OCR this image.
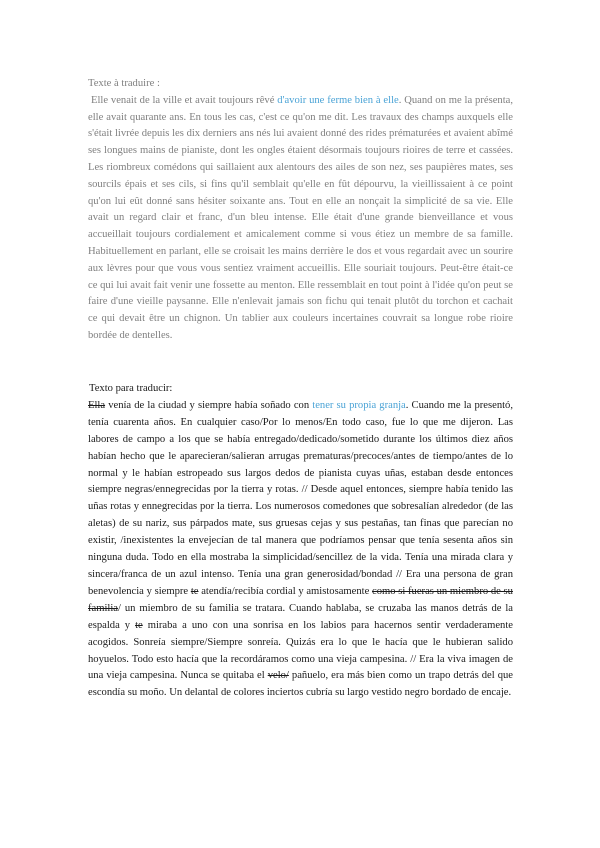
Texte à traduire :

Elle venait de la ville et avait toujours rêvé d'avoir une ferme bien à elle. Quand on me la présenta, elle avait quarante ans. En tous les cas, c'est ce qu'on me dit. Les travaux des champs auxquels elle s'était livrée depuis les dix derniers ans nés lui avaient donné des rides prématurées et avaient abîmé ses longues mains de pianiste, dont les ongles étaient désormais toujours rioires de terre et cassées. Les riombreux comédons qui saillaient aux alentours des ailes de son nez, ses paupières mates, ses sourcils épais et ses cils, si fins qu'il semblait qu'elle en fût dépourvu, la vieillissaient à ce point qu'on lui eût donné sans hésiter soixante ans. Tout en elle an nonçait la simplicité de sa vie. Elle avait un regard clair et franc, d'un bleu intense. Elle était d'une grande bienveillance et vous accueillait toujours cordialement et amicalement comme si vous étiez un membre de sa famille. Habituellement en parlant, elle se croisait les mains derrière le dos et vous regardait avec un sourire aux lèvres pour que vous vous sentiez vraiment accueillis. Elle souriait toujours. Peut-être était-ce ce qui lui avait fait venir une fossette au menton. Elle ressemblait en tout point à l'idée qu'on peut se faire d'une vieille paysanne. Elle n'enlevait jamais son fichu qui tenait plutôt du torchon et cachait ce qui devait être un chignon. Un tablier aux couleurs incertaines couvrait sa longue robe rioire bordée de dentelles.

Texto para traducir:

Ella venía de la ciudad y siempre había soñado con tener su propia granja. Cuando me la presentó, tenía cuarenta años. En cualquier caso/Por lo menos/En todo caso, fue lo que me dijeron. Las labores de campo a los que se había entregado/dedicado/sometido durante los últimos diez años habían hecho que le aparecieran/salieran arrugas prematuras/precoces/antes de tiempo/antes de lo normal y le habían estropeado sus largos dedos de pianista cuyas uñas, estaban desde entonces siempre negras/ennegrecidas por la tierra y rotas. // Desde aquel entonces, siempre había tenido las uñas rotas y ennegrecidas por la tierra. Los numerosos comedones que sobresalían alrededor (de las aletas) de su nariz, sus párpados mate, sus gruesas cejas y sus pestañas, tan finas que parecían no existir, /inexistentes la envejecían de tal manera que podríamos pensar que tenía sesenta años sin ninguna duda. Todo en ella mostraba la simplicidad/sencillez de la vida. Tenía una mirada clara y sincera/franca de un azul intenso. Tenía una gran generosidad/bondad // Era una persona de gran benevolencia y siempre te atendía/recibía cordial y amistosamente como si fueras un miembro de su familia/ un miembro de su familia se tratara. Cuando hablaba, se cruzaba las manos detrás de la espalda y te miraba a uno con una sonrisa en los labios para hacernos sentir verdaderamente acogidos. Sonreía siempre/Siempre sonreía. Quizás era lo que le hacía que le hubieran salido hoyuelos. Todo esto hacía que la recordáramos como una vieja campesina. // Era la viva imagen de una vieja campesina. Nunca se quitaba el velo/ pañuelo, era más bien como un trapo detrás del que escondía su moño. Un delantal de colores inciertos cubría su largo vestido negro bordado de encaje.
